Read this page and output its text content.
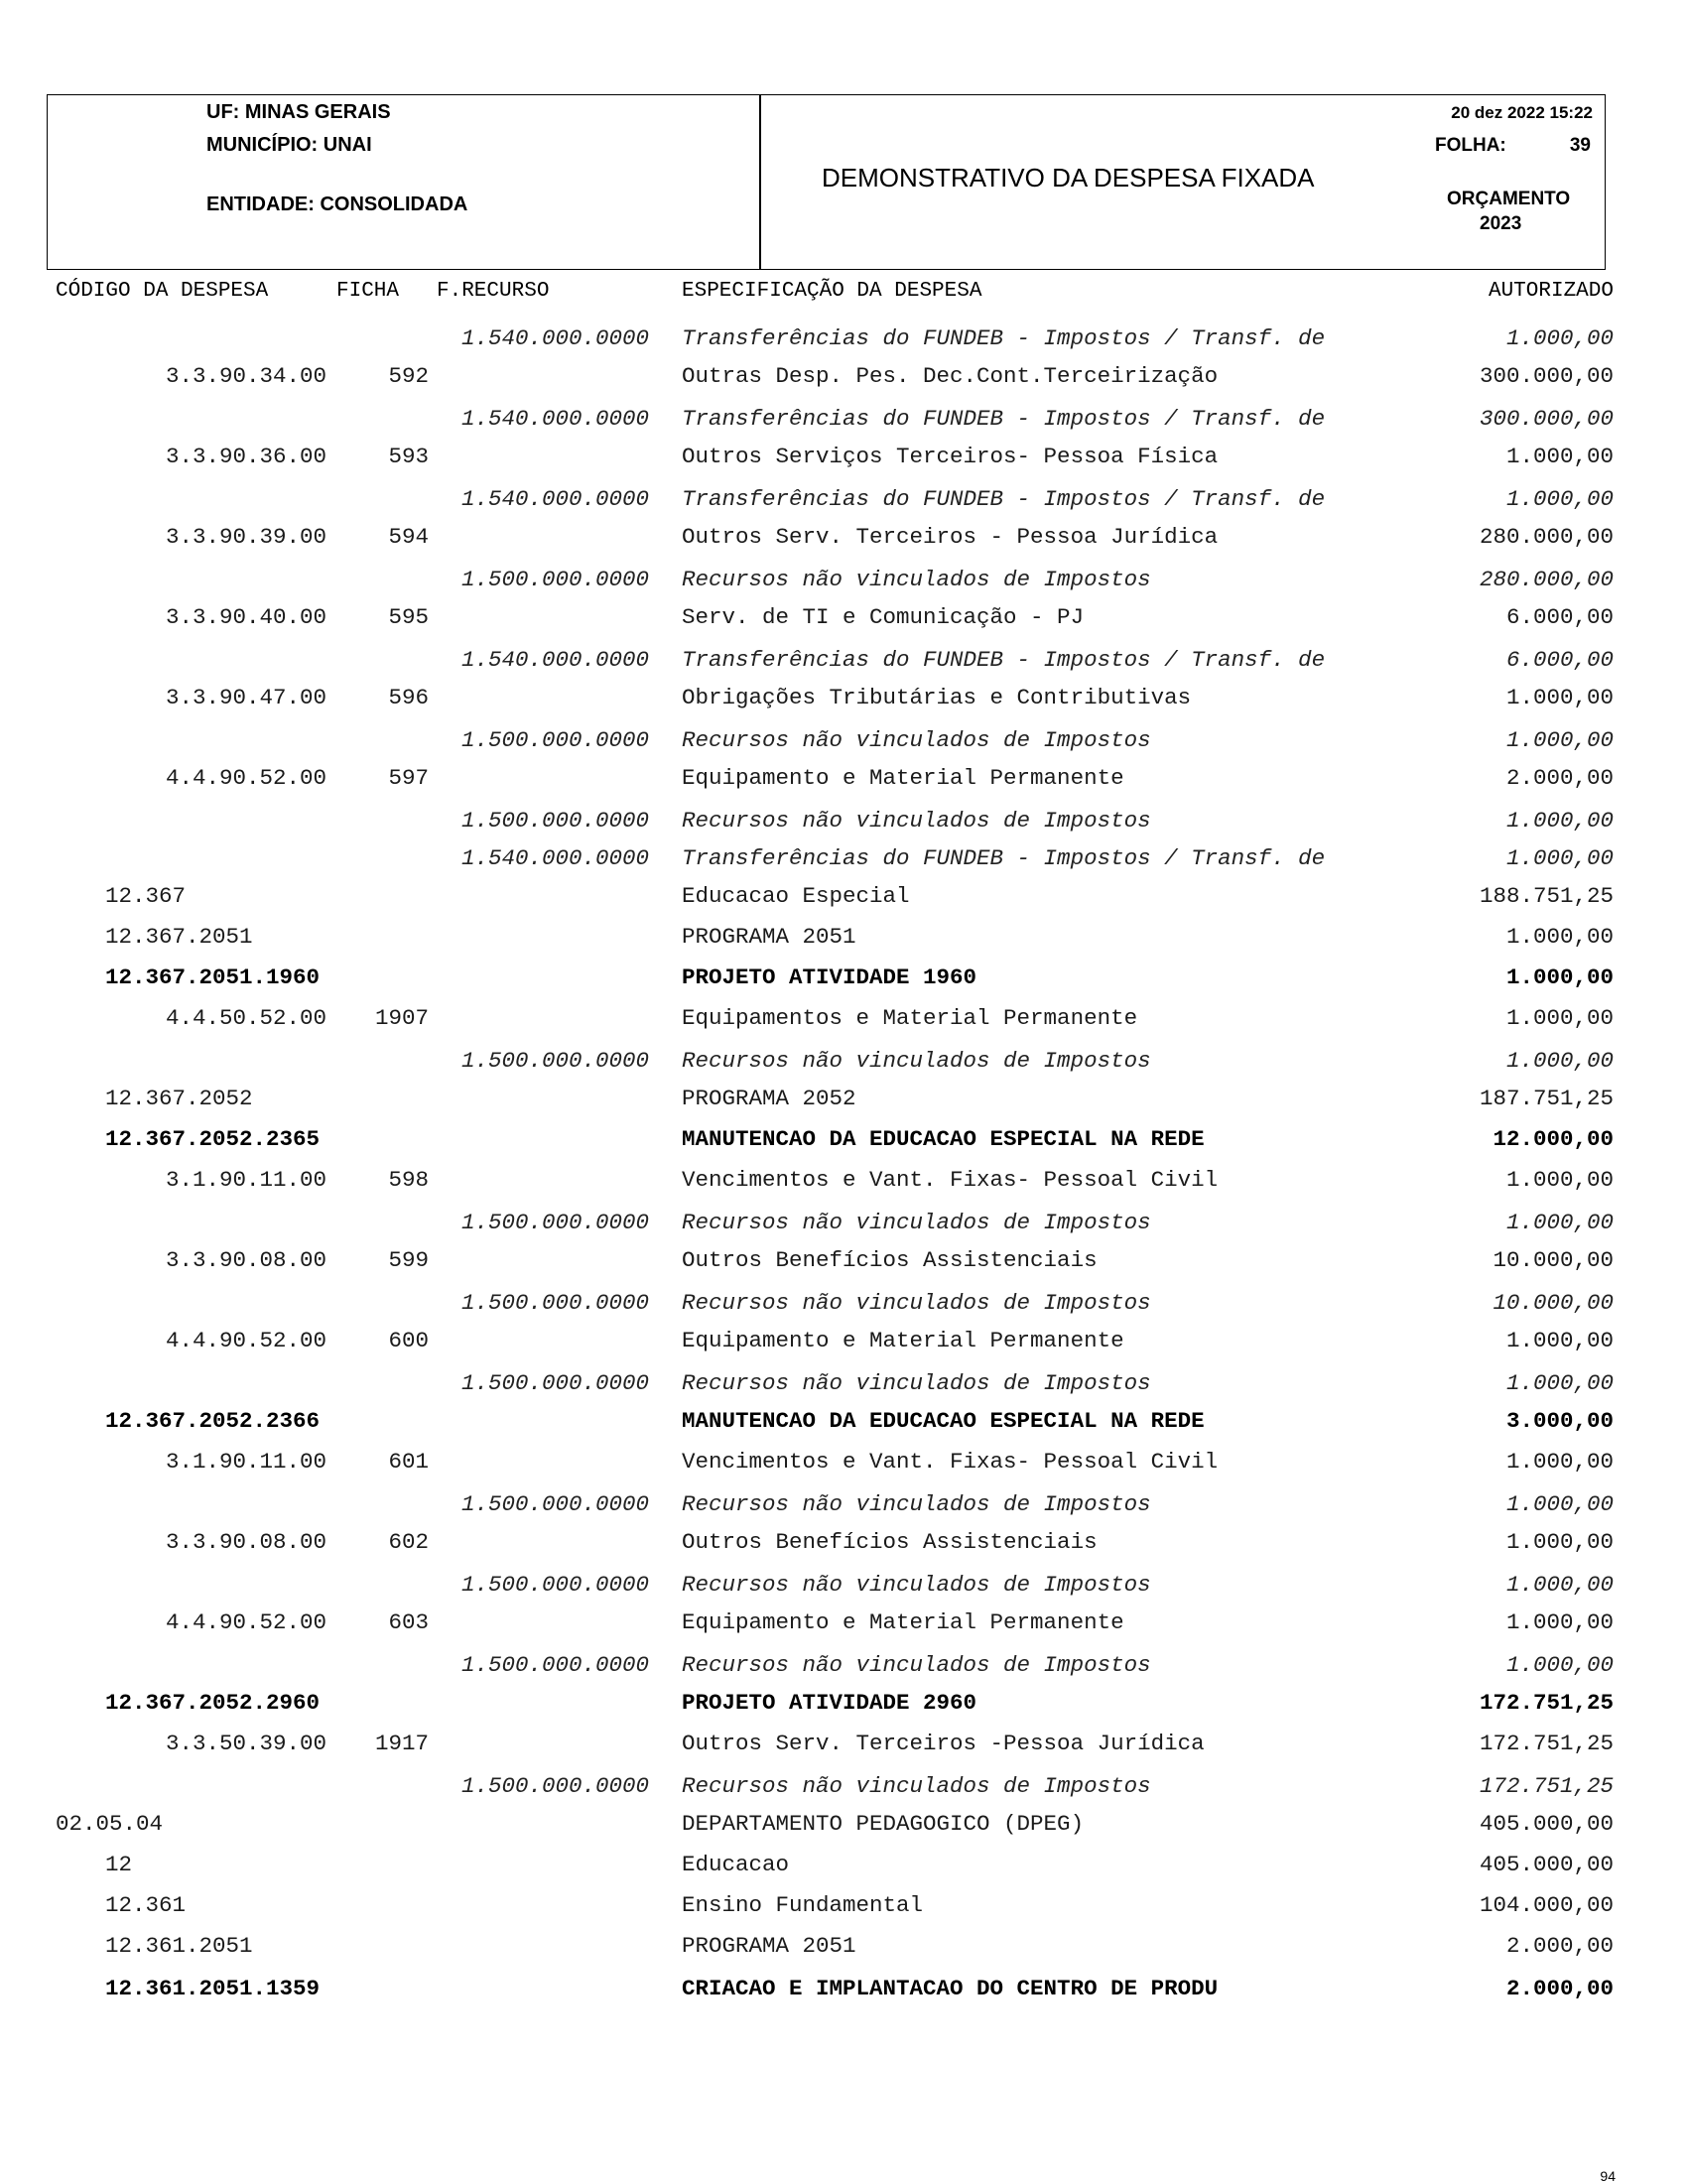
UF: MINAS GERAIS
MUNICÍPIO: UNAI
ENTIDADE: CONSOLIDADA
DEMONSTRATIVO DA DESPESA FIXADA
20 dez 2022 15:22
FOLHA:	39
ORÇAMENTO
2023
CÓDIGO DA DESPESA	FICHA F.RECURSO	ESPECIFICAÇÃO DA DESPESA	AUTORIZADO
1.540.000.0000 Transferências do FUNDEB - Impostos / Transf. de	1.000,00
3.3.90.34.00	592	Outras Desp. Pes. Dec.Cont.Terceirização	300.000,00
1.540.000.0000 Transferências do FUNDEB - Impostos / Transf. de	300.000,00
3.3.90.36.00	593	Outros Serviços Terceiros- Pessoa Física	1.000,00
1.540.000.0000 Transferências do FUNDEB - Impostos / Transf. de	1.000,00
3.3.90.39.00	594	Outros Serv. Terceiros - Pessoa Jurídica	280.000,00
1.500.000.0000 Recursos não vinculados de Impostos	280.000,00
3.3.90.40.00	595	Serv. de TI e Comunicação - PJ	6.000,00
1.540.000.0000 Transferências do FUNDEB - Impostos / Transf. de	6.000,00
3.3.90.47.00	596	Obrigações Tributárias e Contributivas	1.000,00
1.500.000.0000 Recursos não vinculados de Impostos	1.000,00
4.4.90.52.00	597	Equipamento e Material Permanente	2.000,00
1.500.000.0000 Recursos não vinculados de Impostos	1.000,00
1.540.000.0000 Transferências do FUNDEB - Impostos / Transf. de	1.000,00
12.367	Educacao Especial	188.751,25
12.367.2051	PROGRAMA 2051	1.000,00
12.367.2051.1960	PROJETO ATIVIDADE 1960	1.000,00
4.4.50.52.00 1907	Equipamentos e Material Permanente	1.000,00
1.500.000.0000 Recursos não vinculados de Impostos	1.000,00
12.367.2052	PROGRAMA 2052	187.751,25
12.367.2052.2365	MANUTENCAO DA EDUCACAO ESPECIAL NA REDE	12.000,00
3.1.90.11.00	598	Vencimentos e Vant. Fixas- Pessoal Civil	1.000,00
1.500.000.0000 Recursos não vinculados de Impostos	1.000,00
3.3.90.08.00	599	Outros Benefícios Assistenciais	10.000,00
1.500.000.0000 Recursos não vinculados de Impostos	10.000,00
4.4.90.52.00	600	Equipamento e Material Permanente	1.000,00
1.500.000.0000 Recursos não vinculados de Impostos	1.000,00
12.367.2052.2366	MANUTENCAO DA EDUCACAO ESPECIAL NA REDE	3.000,00
3.1.90.11.00	601	Vencimentos e Vant. Fixas- Pessoal Civil	1.000,00
1.500.000.0000 Recursos não vinculados de Impostos	1.000,00
3.3.90.08.00	602	Outros Benefícios Assistenciais	1.000,00
1.500.000.0000 Recursos não vinculados de Impostos	1.000,00
4.4.90.52.00	603	Equipamento e Material Permanente	1.000,00
1.500.000.0000 Recursos não vinculados de Impostos	1.000,00
12.367.2052.2960	PROJETO ATIVIDADE 2960	172.751,25
3.3.50.39.00 1917	Outros Serv. Terceiros -Pessoa Jurídica	172.751,25
1.500.000.0000 Recursos não vinculados de Impostos	172.751,25
02.05.04	DEPARTAMENTO PEDAGOGICO (DPEG)	405.000,00
12	Educacao	405.000,00
12.361	Ensino Fundamental	104.000,00
12.361.2051	PROGRAMA 2051	2.000,00
12.361.2051.1359	CRIACAO E IMPLANTACAO DO CENTRO DE PRODU	2.000,00
94
